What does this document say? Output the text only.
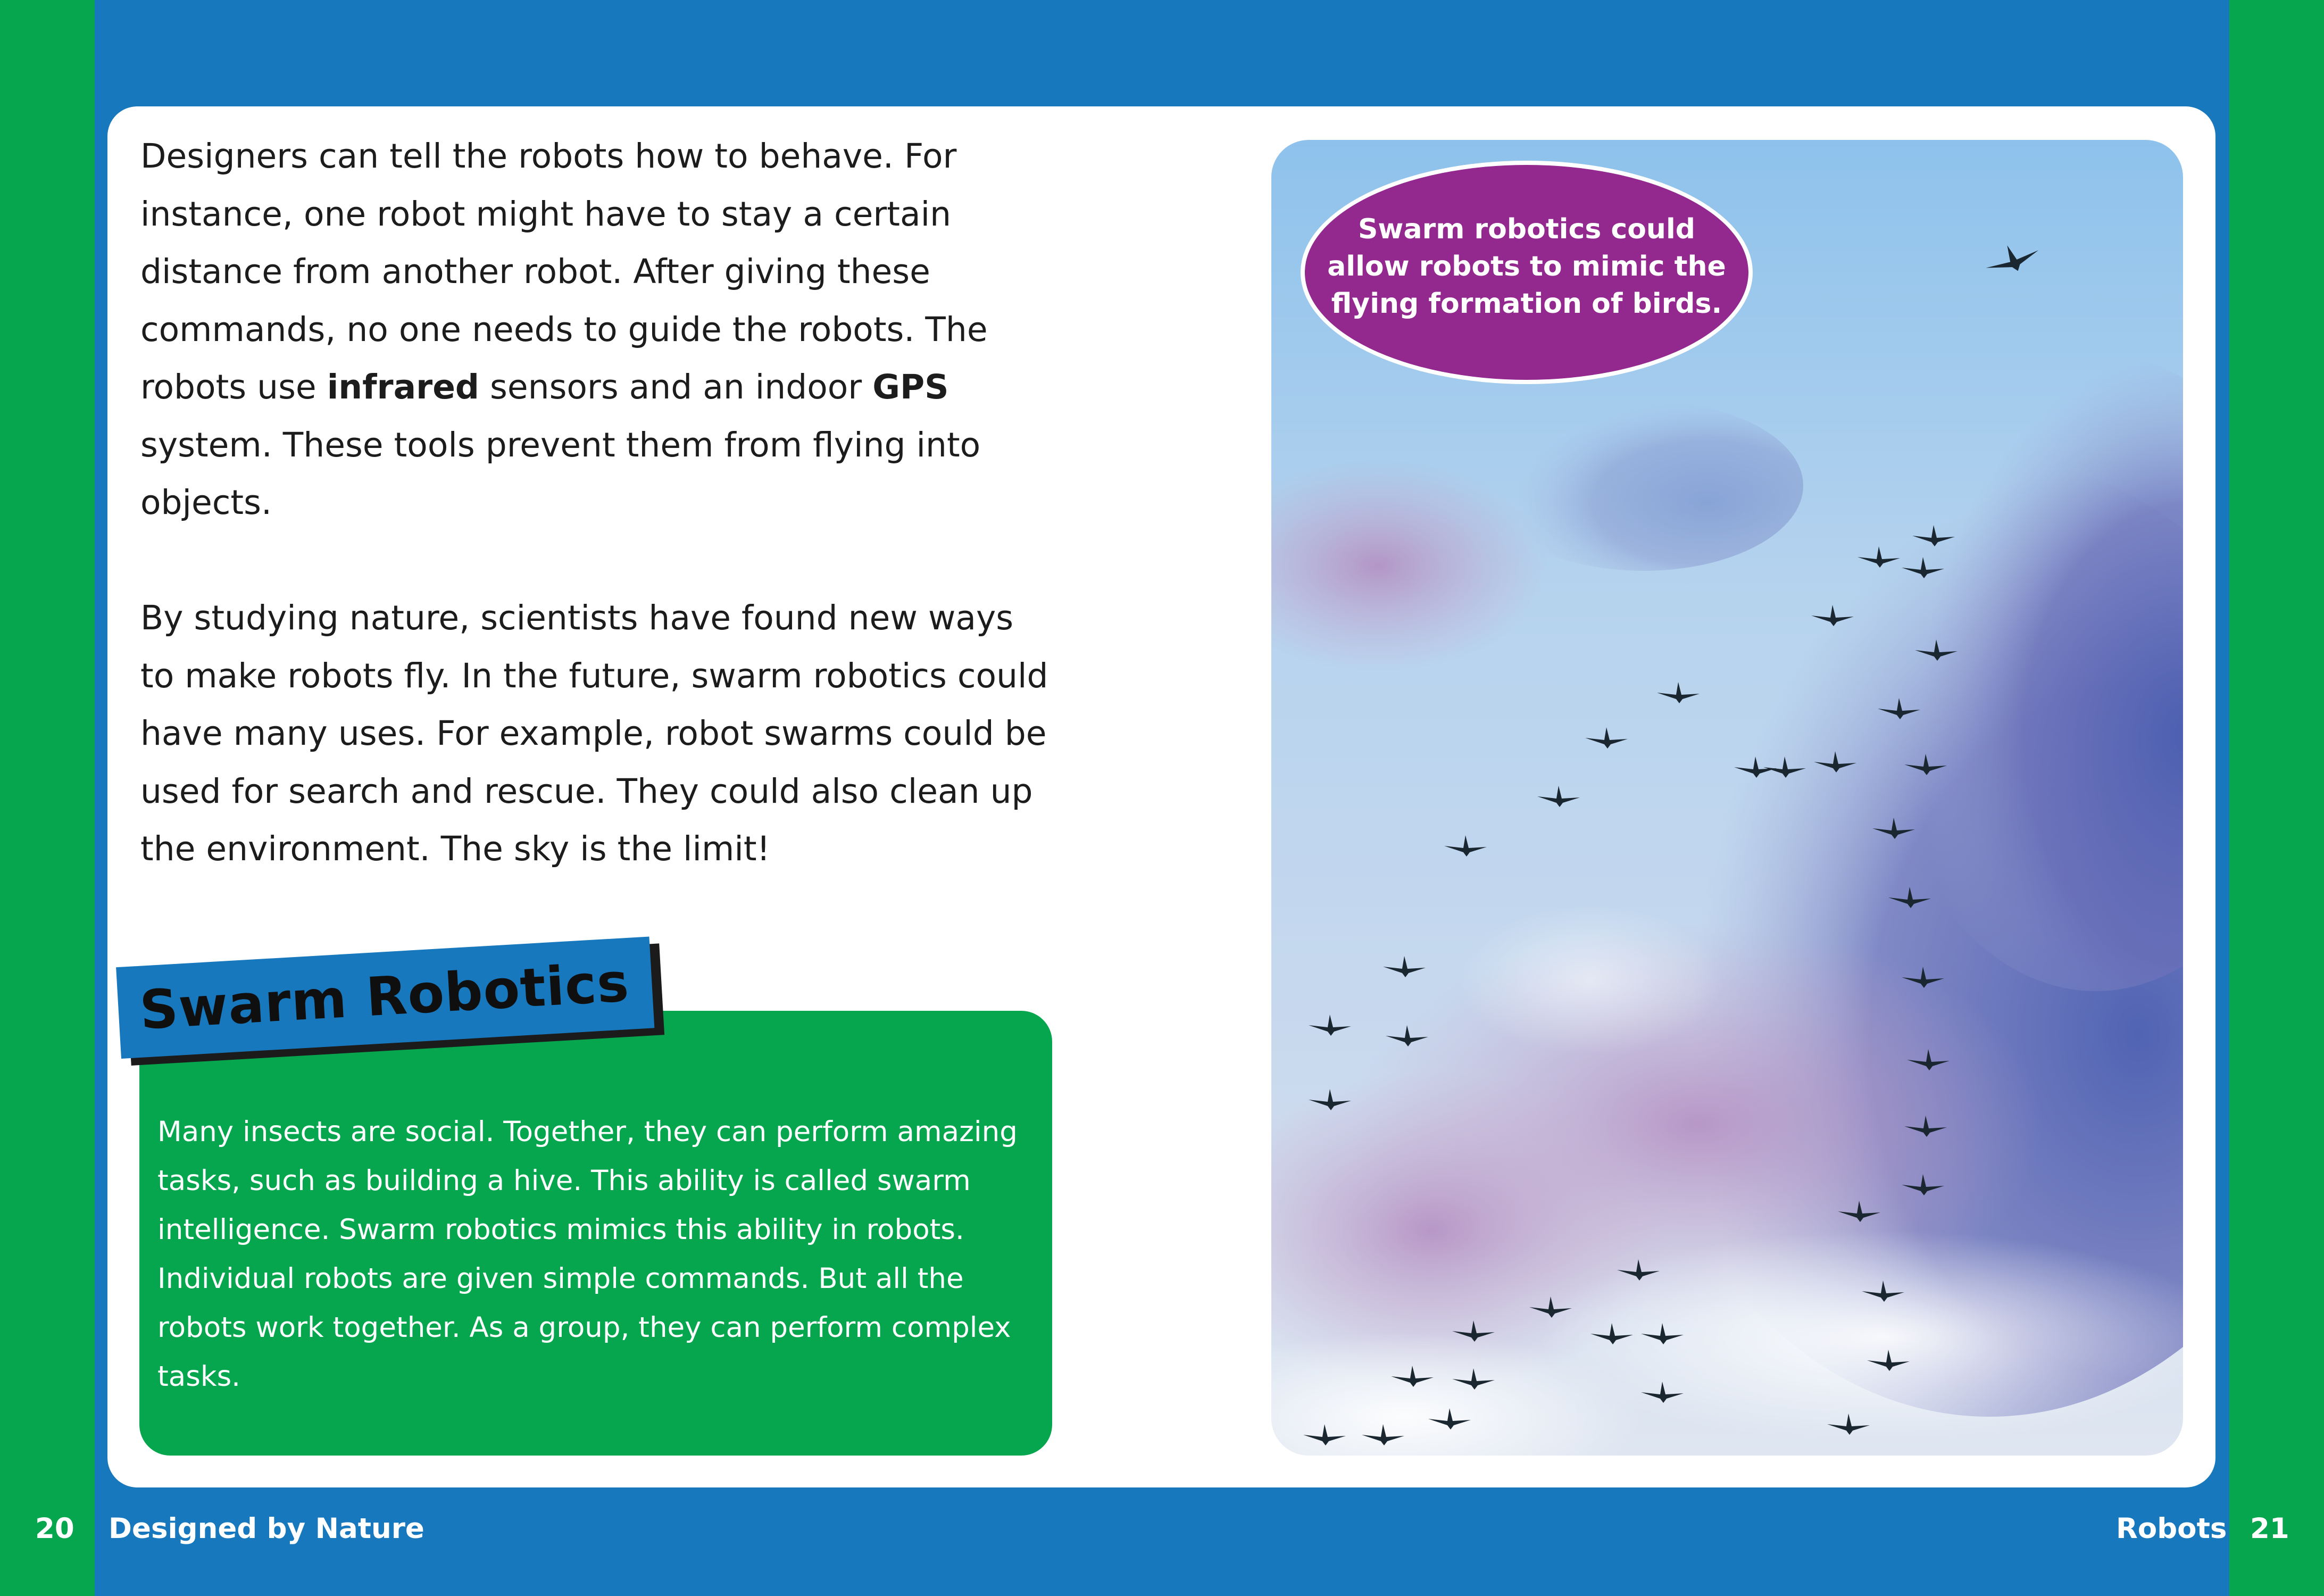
Designers can tell the robots how to behave. For instance, one robot might have to stay a certain distance from another robot. After giving these commands, no one needs to guide the robots. The robots use infrared sensors and an indoor GPS system. These tools prevent them from flying into objects.

By studying nature, scientists have found new ways to make robots fly. In the future, swarm robotics could have many uses. For example, robot swarms could be used for search and rescue. They could also clean up the environment. The sky is the limit!

Many insects are social. Together, they can perform amazing tasks, such as building a hive. This ability is called swarm intelligence. Swarm robotics mimics this ability in robots. Individual robots are given simple commands. But all the robots work together. As a group, they can perform complex tasks.

Swarm Robotics
Swarm robotics could allow robots to mimic the flying formation of birds.
20 Designed by Nature	Robots 21
